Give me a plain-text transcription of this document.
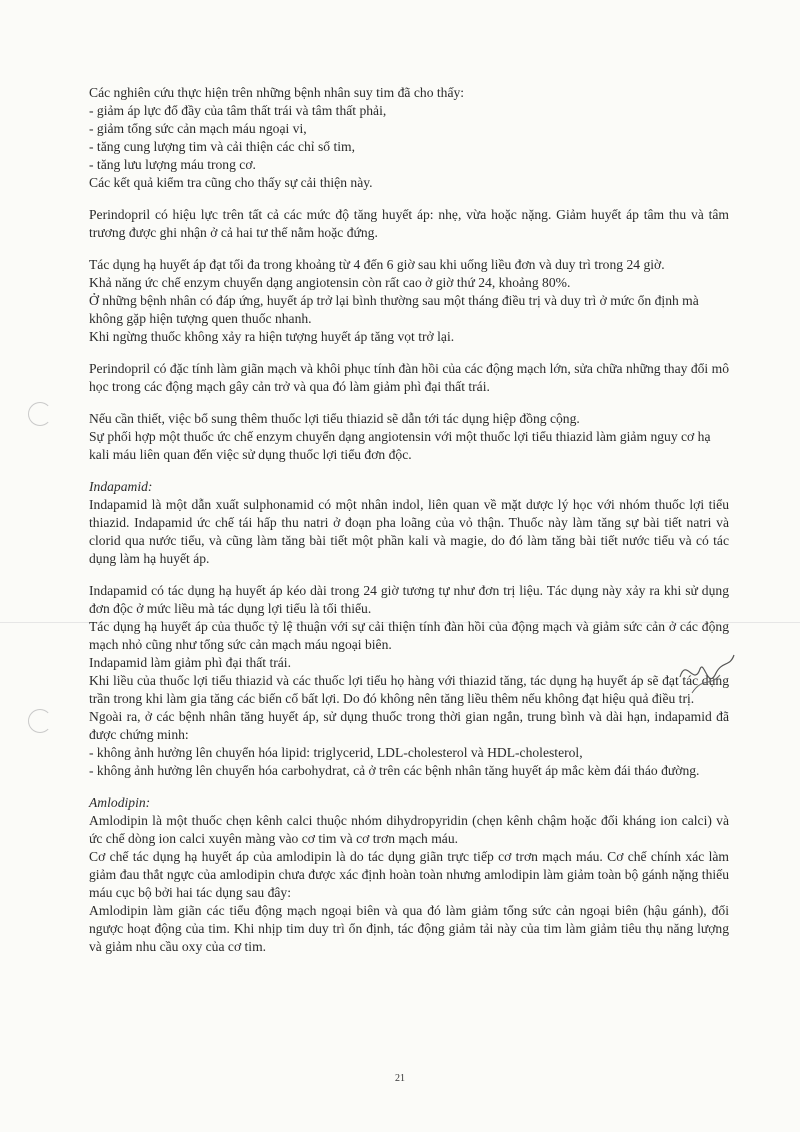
Các nghiên cứu thực hiện trên những bệnh nhân suy tim đã cho thấy:

- giảm áp lực đổ đầy của tâm thất trái và tâm thất phải,

- giảm tổng sức cản mạch máu ngoại vi,

- tăng cung lượng tim và cải thiện các chỉ số tim,

- tăng lưu lượng máu trong cơ.

Các kết quả kiểm tra cũng cho thấy sự cải thiện này.

Perindopril có hiệu lực trên tất cả các mức độ tăng huyết áp: nhẹ, vừa hoặc nặng. Giảm huyết áp tâm thu và tâm trương được ghi nhận ở cả hai tư thế nằm hoặc đứng.

Tác dụng hạ huyết áp đạt tối đa trong khoảng từ 4 đến 6 giờ sau khi uống liều đơn và duy trì trong 24 giờ.

Khả năng ức chế enzym chuyển dạng angiotensin còn rất cao ở giờ thứ 24, khoảng 80%.

Ở những bệnh nhân có đáp ứng, huyết áp trở lại bình thường sau một tháng điều trị và duy trì ở mức ổn định mà không gặp hiện tượng quen thuốc nhanh.

Khi ngừng thuốc không xảy ra hiện tượng huyết áp tăng vọt trở lại.

Perindopril có đặc tính làm giãn mạch và khôi phục tính đàn hồi của các động mạch lớn, sửa chữa những thay đổi mô học trong các động mạch gây cản trở và qua đó làm giảm phì đại thất trái.

Nếu cần thiết, việc bổ sung thêm thuốc lợi tiểu thiazid sẽ dẫn tới tác dụng hiệp đồng cộng.

Sự phối hợp một thuốc ức chế enzym chuyển dạng angiotensin với một thuốc lợi tiểu thiazid làm giảm nguy cơ hạ kali máu liên quan đến việc sử dụng thuốc lợi tiểu đơn độc.

Indapamid:

Indapamid là một dẫn xuất sulphonamid có một nhân indol, liên quan về mặt dược lý học với nhóm thuốc lợi tiểu thiazid. Indapamid ức chế tái hấp thu natri ở đoạn pha loãng của vỏ thận. Thuốc này làm tăng sự bài tiết natri và clorid qua nước tiểu, và cũng làm tăng bài tiết một phần kali và magie, do đó làm tăng bài tiết nước tiểu và có tác dụng làm hạ huyết áp.

Indapamid có tác dụng hạ huyết áp kéo dài trong 24 giờ tương tự như đơn trị liệu. Tác dụng này xảy ra khi sử dụng đơn độc ở mức liều mà tác dụng lợi tiểu là tối thiểu.

Tác dụng hạ huyết áp của thuốc tỷ lệ thuận với sự cải thiện tính đàn hồi của động mạch và giảm sức cản ở các động mạch nhỏ cũng như tổng sức cản mạch máu ngoại biên.

Indapamid làm giảm phì đại thất trái.

Khi liều của thuốc lợi tiểu thiazid và các thuốc lợi tiểu họ hàng với thiazid tăng, tác dụng hạ huyết áp sẽ đạt tác dụng trần trong khi làm gia tăng các biến cố bất lợi. Do đó không nên tăng liều thêm nếu không đạt hiệu quả điều trị.

Ngoài ra, ở các bệnh nhân tăng huyết áp, sử dụng thuốc trong thời gian ngắn, trung bình và dài hạn, indapamid đã được chứng minh:

- không ảnh hưởng lên chuyển hóa lipid: triglycerid, LDL-cholesterol và HDL-cholesterol,

- không ảnh hưởng lên chuyển hóa carbohydrat, cả ở trên các bệnh nhân tăng huyết áp mắc kèm đái tháo đường.

Amlodipin:

Amlodipin là một thuốc chẹn kênh calci thuộc nhóm dihydropyridin (chẹn kênh chậm hoặc đối kháng ion calci) và ức chế dòng ion calci xuyên màng vào cơ tim và cơ trơn mạch máu.

Cơ chế tác dụng hạ huyết áp của amlodipin là do tác dụng giãn trực tiếp cơ trơn mạch máu. Cơ chế chính xác làm giảm đau thắt ngực của amlodipin chưa được xác định hoàn toàn nhưng amlodipin làm giảm toàn bộ gánh nặng thiếu máu cục bộ bởi hai tác dụng sau đây:

Amlodipin làm giãn các tiểu động mạch ngoại biên và qua đó làm giảm tổng sức cản ngoại biên (hậu gánh), đối ngược hoạt động của tim. Khi nhịp tim duy trì ổn định, tác động giảm tải này của tim làm giảm tiêu thụ năng lượng và giảm nhu cầu oxy của cơ tim.

21
